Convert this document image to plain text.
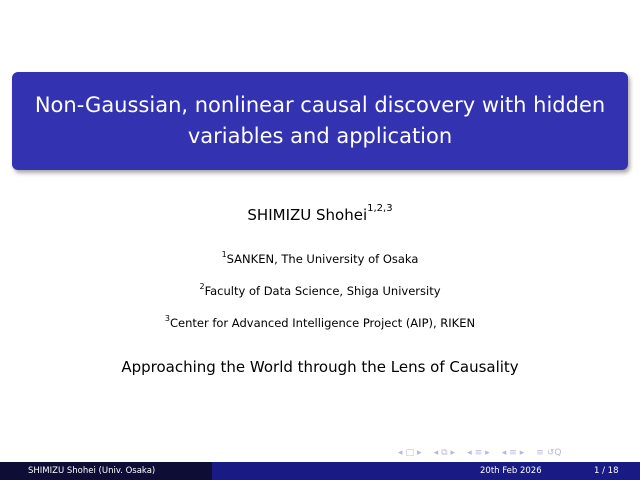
Non-Gaussian, nonlinear causal discovery with hidden
variables and application
SHIMIZU Shohei$^{1,2,3}$
$^1$SANKEN, The University of Osaka
$^2$Faculty of Data Science, Shiga University
$^3$Center for Advanced Intelligence Project (AIP), RIKEN
Approaching the World through the Lens of Causality
◂ □ ▸ ◂ ⧉ ▸ ◂ ≡ ▸ ◂ ≡ ▸ ≡ ↺Q
SHIMIZU Shohei (Univ. Osaka)	20th Feb 2026	1 / 18
